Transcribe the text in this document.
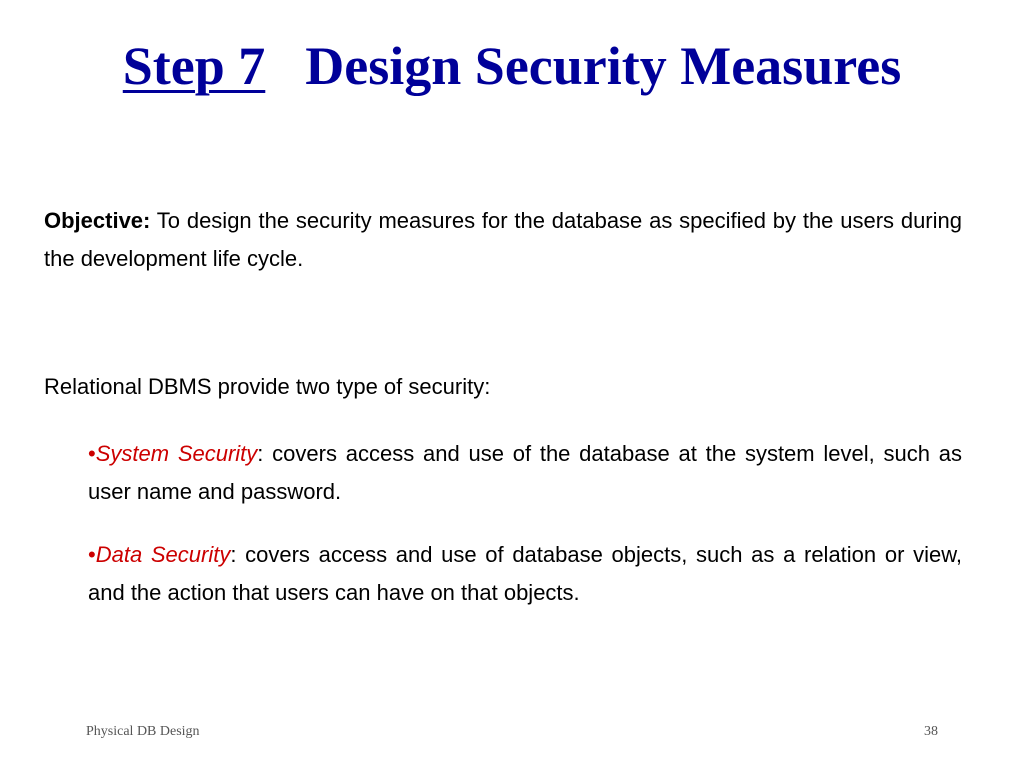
Step 7 Design Security Measures
Objective: To design the security measures for the database as specified by the users during the development life cycle.
Relational DBMS provide two type of security:
•System Security: covers access and use of the database at the system level, such as user name and password.
•Data Security: covers access and use of database objects, such as a relation or view, and the action that users can have on that objects.
Physical DB Design	38
